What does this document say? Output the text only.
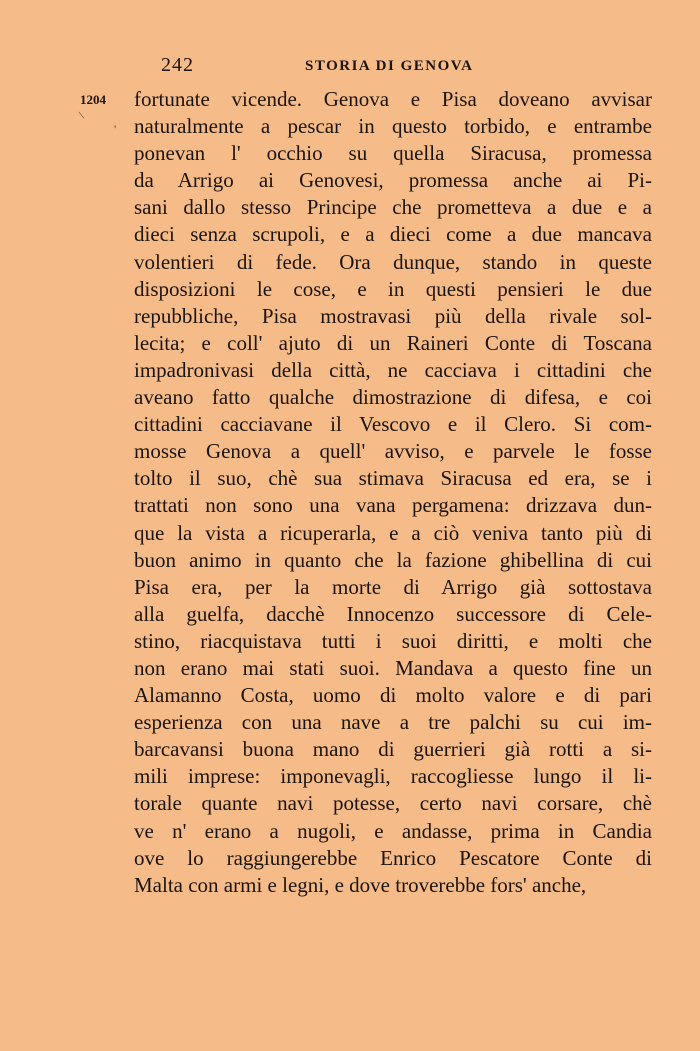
242	STORIA DI GENOVA
1204
\
'
fortunate vicende. Genova e Pisa doveano avvisar
naturalmente a pescar in questo torbido, e entrambe
ponevan l' occhio su quella Siracusa, promessa
da Arrigo ai Genovesi, promessa anche ai Pi-
sani dallo stesso Principe che prometteva a due e a
dieci senza scrupoli, e a dieci come a due mancava
volentieri di fede. Ora dunque, stando in queste
disposizioni le cose, e in questi pensieri le due
repubbliche, Pisa mostravasi più della rivale sol-
lecita; e coll' ajuto di un Raineri Conte di Toscana
impadronivasi della città, ne cacciava i cittadini che
aveano fatto qualche dimostrazione di difesa, e coi
cittadini cacciavane il Vescovo e il Clero. Si com-
mosse Genova a quell' avviso, e parvele le fosse
tolto il suo, chè sua stimava Siracusa ed era, se i
trattati non sono una vana pergamena: drizzava dun-
que la vista a ricuperarla, e a ciò veniva tanto più di
buon animo in quanto che la fazione ghibellina di cui
Pisa era, per la morte di Arrigo già sottostava
alla guelfa, dacchè Innocenzo successore di Cele-
stino, riacquistava tutti i suoi diritti, e molti che
non erano mai stati suoi. Mandava a questo fine un
Alamanno Costa, uomo di molto valore e di pari
esperienza con una nave a tre palchi su cui im-
barcavansi buona mano di guerrieri già rotti a si-
mili imprese: imponevagli, raccogliesse lungo il li-
torale quante navi potesse, certo navi corsare, chè
ve n' erano a nugoli, e andasse, prima in Candia
ove lo raggiungerebbe Enrico Pescatore Conte di
Malta con armi e legni, e dove troverebbe fors' anche,
